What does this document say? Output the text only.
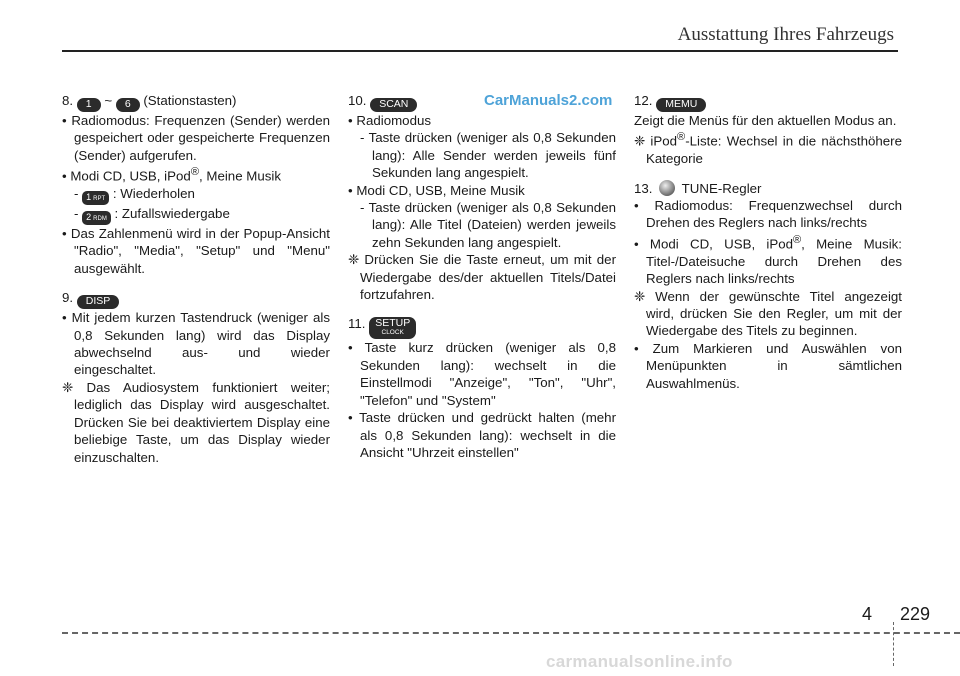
Ausstattung Ihres Fahrzeugs
CarManuals2.com

8. 1 ~ 6 (Stationstasten)

• Radiomodus: Frequenzen (Sender) werden gespeichert oder gespeicherte Frequenzen (Sender) aufgerufen.

• Modi CD, USB, iPod®, Meine Musik

- 1 RPT : Wiederholen

- 2 RDM : Zufallswiedergabe

• Das Zahlenmenü wird in der Popup-Ansicht "Radio", "Media", "Setup" und "Menu" ausgewählt.

9. DISP

• Mit jedem kurzen Tastendruck (weniger als 0,8 Sekunden lang) wird das Display abwechselnd aus- und wieder eingeschaltet.

❈ Das Audiosystem funktioniert weiter; lediglich das Display wird ausgeschaltet. Drücken Sie bei deaktiviertem Display eine beliebige Taste, um das Display wieder einzuschalten.

10. SCAN

• Radiomodus

- Taste drücken (weniger als 0,8 Sekunden lang): Alle Sender werden jeweils fünf Sekunden lang angespielt.

• Modi CD, USB, Meine Musik

- Taste drücken (weniger als 0,8 Sekunden lang): Alle Titel (Dateien) werden jeweils zehn Sekunden lang angespielt.

❈ Drücken Sie die Taste erneut, um mit der Wiedergabe des/der aktuellen Titels/Datei fortzufahren.

11. SETUP
CLOCK

• Taste kurz drücken (weniger als 0,8 Sekunden lang): wechselt in die Einstellmodi "Anzeige", "Ton", "Uhr", "Telefon" und "System"

• Taste drücken und gedrückt halten (mehr als 0,8 Sekunden lang): wechselt in die Ansicht "Uhrzeit einstellen"

12. MEMU

Zeigt die Menüs für den aktuellen Modus an.

❈ iPod®-Liste: Wechsel in die nächsthöhere Kategorie

13. TUNE-Regler

• Radiomodus: Frequenzwechsel durch Drehen des Reglers nach links/rechts

• Modi CD, USB, iPod®, Meine Musik: Titel-/Dateisuche durch Drehen des Reglers nach links/rechts

❈ Wenn der gewünschte Titel angezeigt wird, drücken Sie den Regler, um mit der Wiedergabe des Titels zu beginnen.

• Zum Markieren und Auswählen von Menüpunkten in sämtlichen Auswahlmenüs.

4 229
carmanualsonline.info
